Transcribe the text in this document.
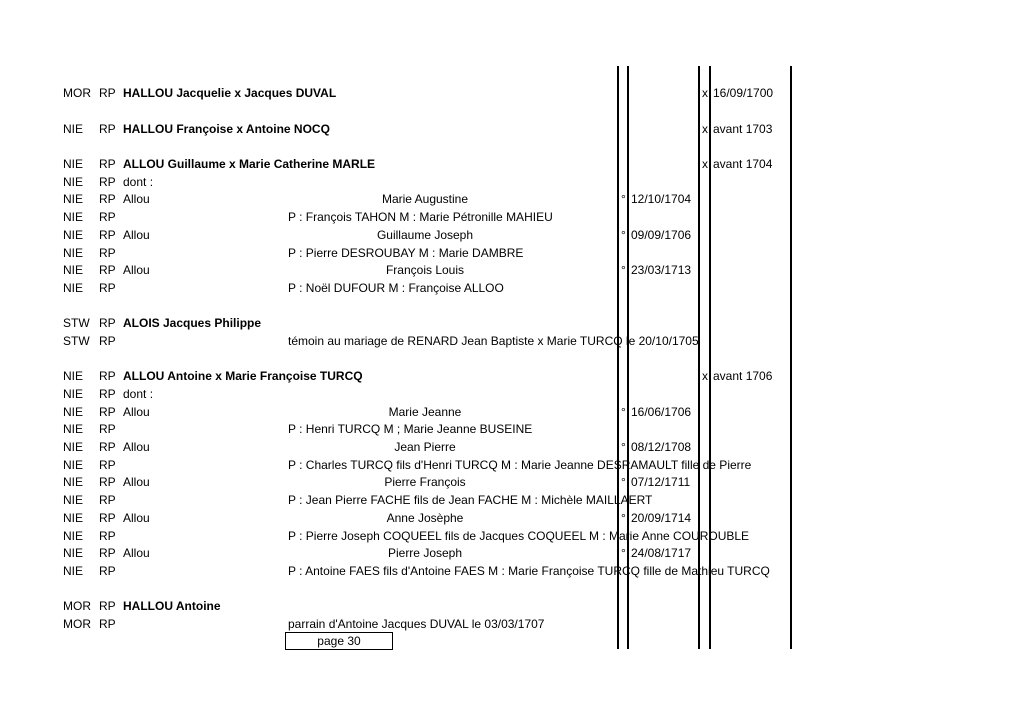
MOR RP HALLOU Jacquelie x Jacques DUVAL	x 16/09/1700
NIE RP HALLOU Françoise x Antoine NOCQ	x avant 1703
NIE RP ALLOU Guillaume x Marie Catherine MARLE	x avant 1704
NIE RP dont :
NIE RP Allou	Marie Augustine	° 12/10/1704
NIE RP	P : François TAHON M : Marie Pétronille MAHIEU
NIE RP Allou	Guillaume Joseph	° 09/09/1706
NIE RP	P : Pierre DESROUBAY M : Marie DAMBRE
NIE RP Allou	François Louis	° 23/03/1713
NIE RP	P : Noël DUFOUR M : Françoise ALLOO
STW RP ALOIS Jacques Philippe
STW RP	témoin au mariage de RENARD Jean Baptiste x Marie TURCQ le 20/10/1705
NIE RP ALLOU Antoine x Marie Françoise TURCQ	x avant 1706
NIE RP dont :
NIE RP Allou	Marie Jeanne	° 16/06/1706
NIE RP	P : Henri TURCQ M ; Marie Jeanne BUSEINE
NIE RP Allou	Jean Pierre	° 08/12/1708
NIE RP	P : Charles TURCQ fils d'Henri TURCQ M : Marie Jeanne DESRAMAULT fille de Pierre
NIE RP Allou	Pierre François	° 07/12/1711
NIE RP	P : Jean Pierre FACHE fils de Jean FACHE M : Michèle MAILLAERT
NIE RP Allou	Anne Josèphe	° 20/09/1714
NIE RP	P : Pierre Joseph COQUEEL fils de Jacques COQUEEL M : Marie Anne COUROUBLE
NIE RP Allou	Pierre Joseph	° 24/08/1717
NIE RP	P : Antoine FAES fils d'Antoine FAES M : Marie Françoise TURCQ fille de Mathieu TURCQ
MOR RP HALLOU Antoine
MOR RP	parrain d'Antoine Jacques DUVAL le 03/03/1707
page 30
